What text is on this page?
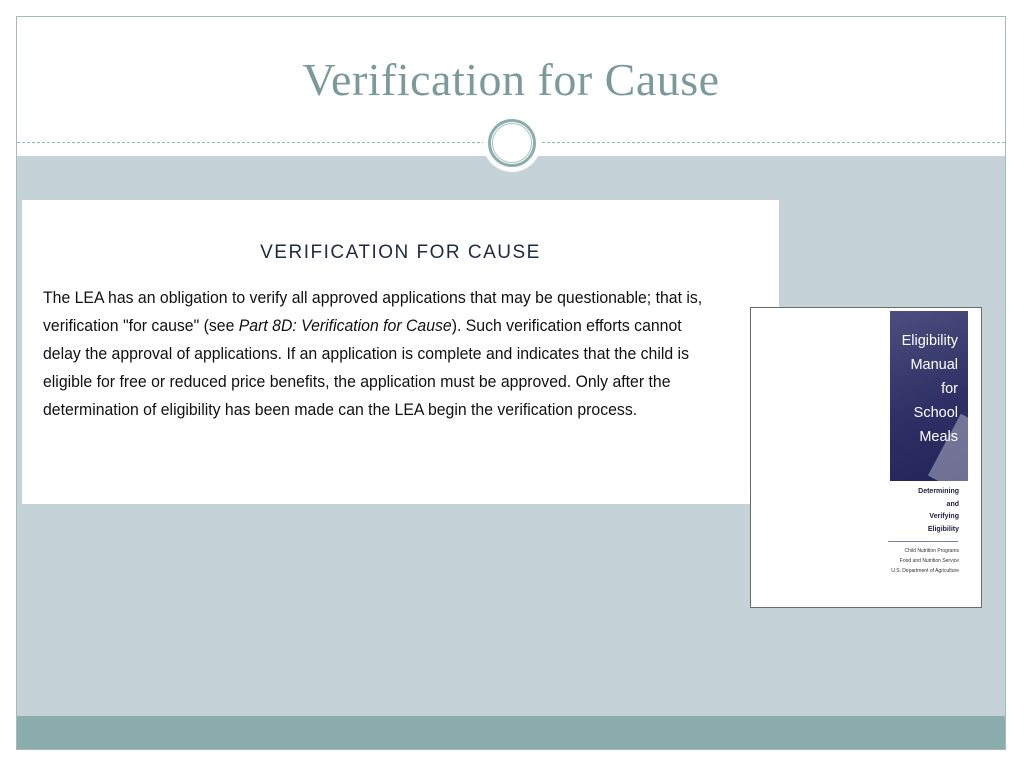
Verification for Cause
VERIFICATION FOR CAUSE

The LEA has an obligation to verify all approved applications that may be questionable; that is, verification "for cause" (see Part 8D: Verification for Cause). Such verification efforts cannot delay the approval of applications. If an application is complete and indicates that the child is eligible for free or reduced price benefits, the application must be approved. Only after the determination of eligibility has been made can the LEA begin the verification process.

Eligibility
Manual
for
School
Meals
Determining
and
Verifying
Eligibility
Child Nutrition Programs
Food and Nutrition Service
U.S. Department of Agriculture
